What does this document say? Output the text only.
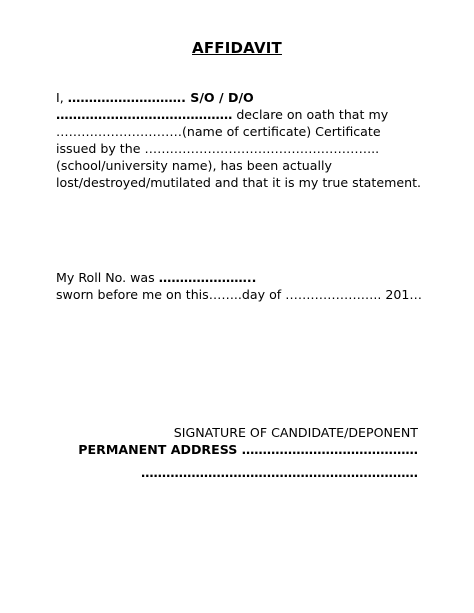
AFFIDAVIT
I, ………………………. S/O / D/O
…………………………………… declare on oath that my
…………………………(name of certificate) Certificate
issued by the ………………………………………………..
(school/university name), has been actually
lost/destroyed/mutilated and that it is my true statement.
My Roll No. was …………………..
sworn before me on this……..day of ………………….. 201…
SIGNATURE OF CANDIDATE/DEPONENT
PERMANENT ADDRESS ……………………………………
…………………………………………………………
